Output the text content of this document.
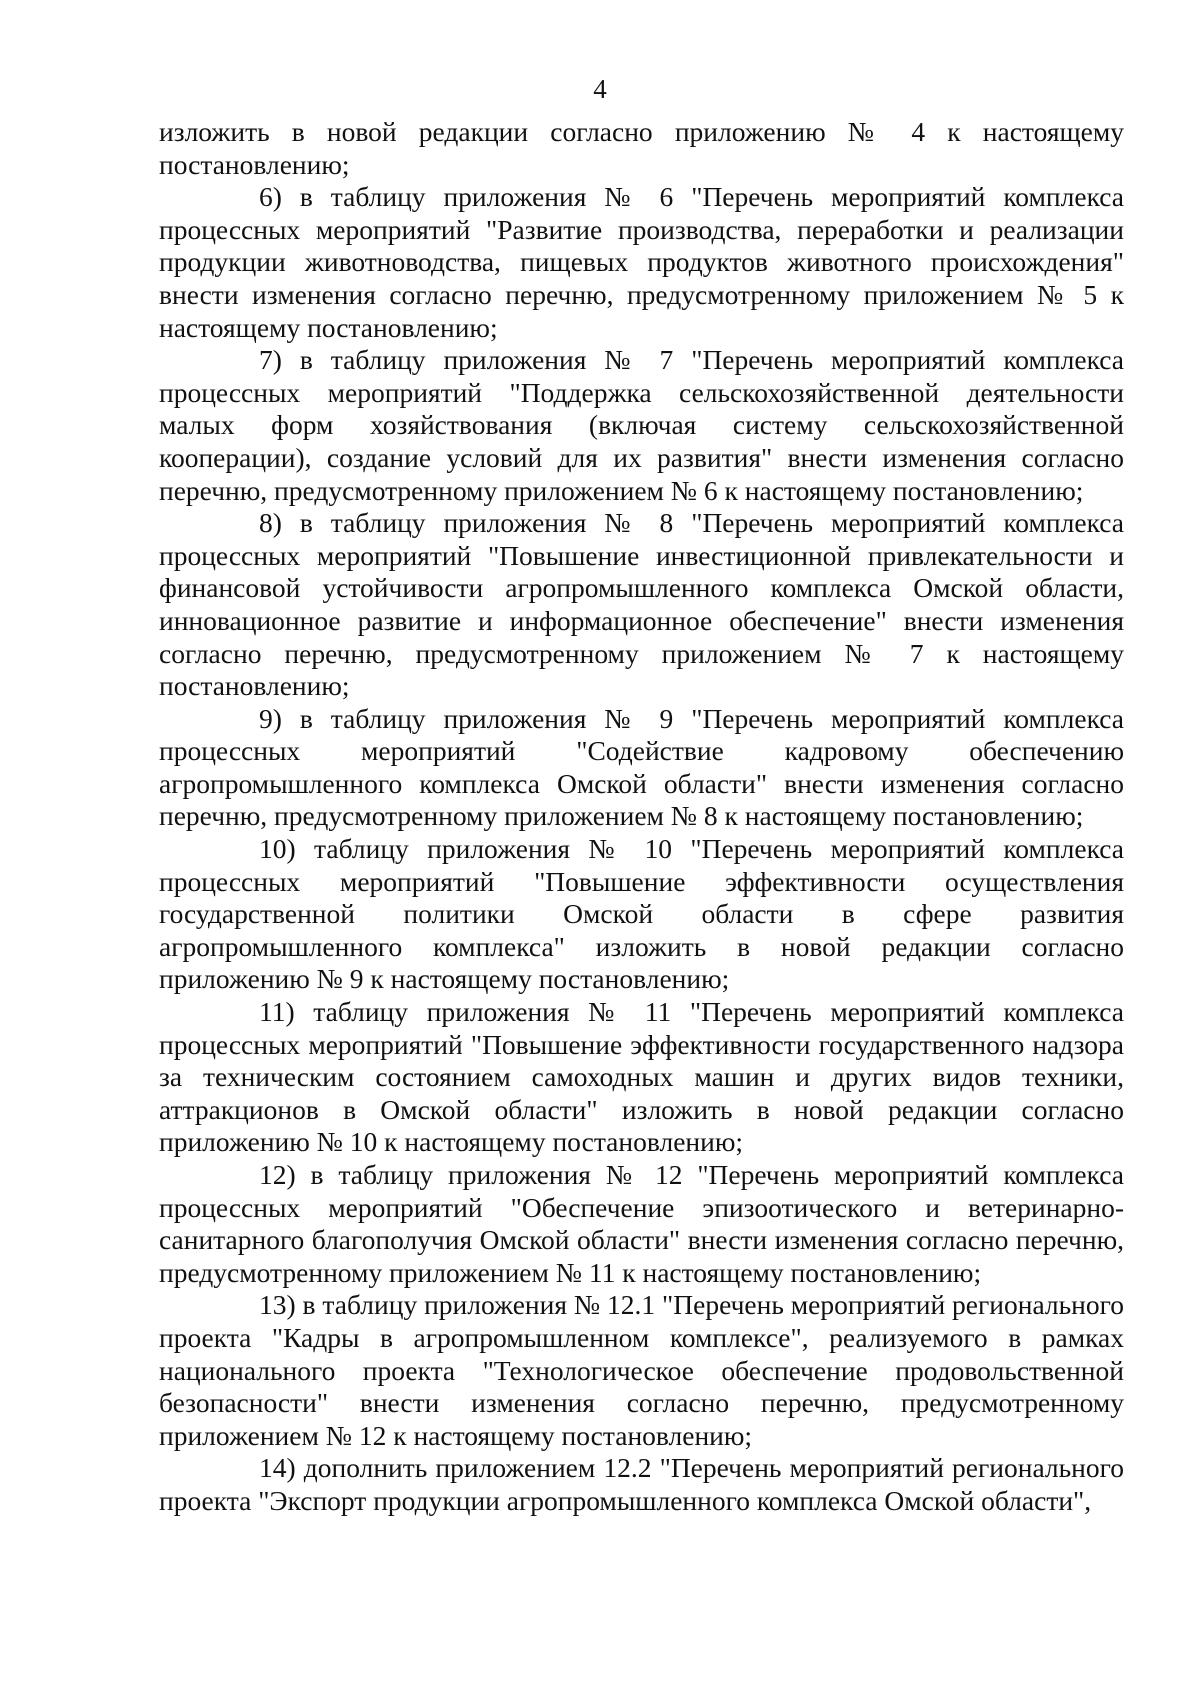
4

изложить в новой редакции согласно приложению № 4 к настоящему постановлению;

6) в таблицу приложения № 6 "Перечень мероприятий комплекса процессных мероприятий "Развитие производства, переработки и реализации продукции животноводства, пищевых продуктов животного происхождения" внести изменения согласно перечню, предусмотренному приложением № 5 к настоящему постановлению;

7) в таблицу приложения № 7 "Перечень мероприятий комплекса процессных мероприятий "Поддержка сельскохозяйственной деятельности малых форм хозяйствования (включая систему сельскохозяйственной кооперации), создание условий для их развития" внести изменения согласно перечню, предусмотренному приложением № 6 к настоящему постановлению;

8) в таблицу приложения № 8 "Перечень мероприятий комплекса процессных мероприятий "Повышение инвестиционной привлекательности и финансовой устойчивости агропромышленного комплекса Омской области, инновационное развитие и информационное обеспечение" внести изменения согласно перечню, предусмотренному приложением № 7 к настоящему постановлению;

9) в таблицу приложения № 9 "Перечень мероприятий комплекса процессных мероприятий "Содействие кадровому обеспечению агропромышленного комплекса Омской области" внести изменения согласно перечню, предусмотренному приложением № 8 к настоящему постановлению;

10) таблицу приложения № 10 "Перечень мероприятий комплекса процессных мероприятий "Повышение эффективности осуществления государственной политики Омской области в сфере развития агропромышленного комплекса" изложить в новой редакции согласно приложению № 9 к настоящему постановлению;

11) таблицу приложения № 11 "Перечень мероприятий комплекса процессных мероприятий "Повышение эффективности государственного надзора за техническим состоянием самоходных машин и других видов техники, аттракционов в Омской области" изложить в новой редакции согласно приложению № 10 к настоящему постановлению;

12) в таблицу приложения № 12 "Перечень мероприятий комплекса процессных мероприятий "Обеспечение эпизоотического и ветеринарно-санитарного благополучия Омской области" внести изменения согласно перечню, предусмотренному приложением № 11 к настоящему постановлению;

13) в таблицу приложения № 12.1 "Перечень мероприятий регионального проекта "Кадры в агропромышленном комплексе", реализуемого в рамках национального проекта "Технологическое обеспечение продовольственной безопасности" внести изменения согласно перечню, предусмотренному приложением № 12 к настоящему постановлению;

14) дополнить приложением 12.2 "Перечень мероприятий регионального проекта "Экспорт продукции агропромышленного комплекса Омской области",
